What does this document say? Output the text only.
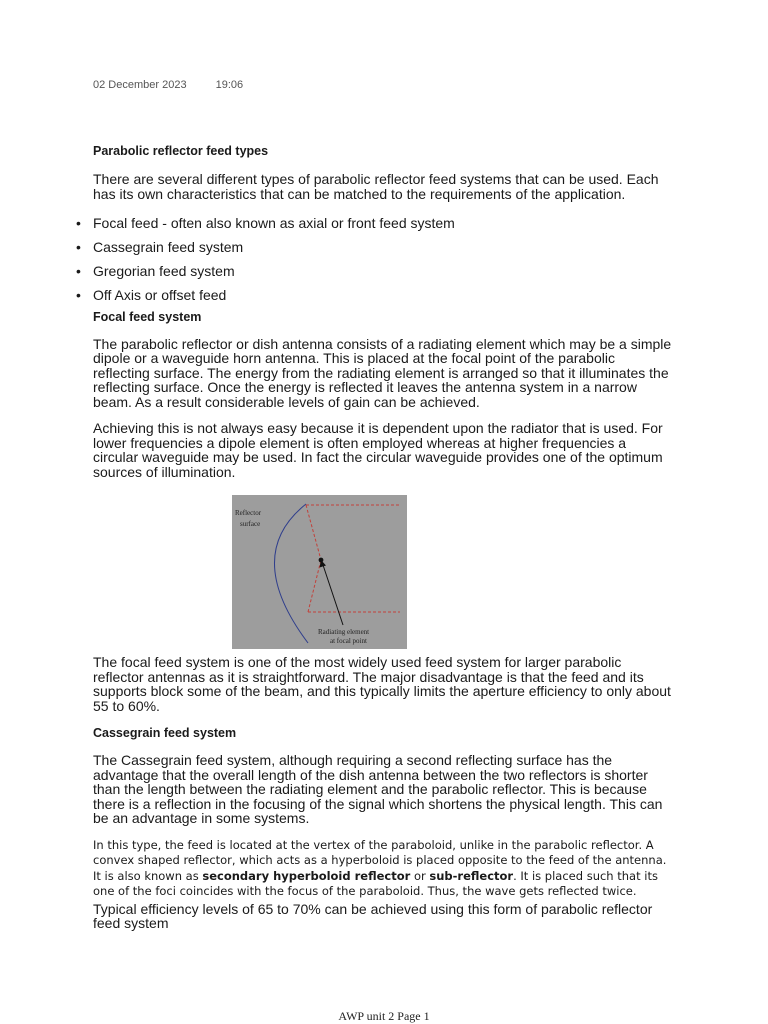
02 December 2023	19:06
Parabolic reflector feed types

There are several different types of parabolic reflector feed systems that can be used. Each has its own characteristics that can be matched to the requirements of the application.

• Focal feed - often also known as axial or front feed system
• Cassegrain feed system
• Gregorian feed system
• Off Axis or offset feed
Focal feed system

The parabolic reflector or dish antenna consists of a radiating element which may be a simple dipole or a waveguide horn antenna. This is placed at the focal point of the parabolic reflecting surface. The energy from the radiating element is arranged so that it illuminates the reflecting surface. Once the energy is reflected it leaves the antenna system in a narrow beam. As a result considerable levels of gain can be achieved.

Achieving this is not always easy because it is dependent upon the radiator that is used. For lower frequencies a dipole element is often employed whereas at higher frequencies a circular waveguide may be used. In fact the circular waveguide provides one of the optimum sources of illumination.

The focal feed system is one of the most widely used feed system for larger parabolic reflector antennas as it is straightforward. The major disadvantage is that the feed and its supports block some of the beam, and this typically limits the aperture efficiency to only about 55 to 60%.

Cassegrain feed system

The Cassegrain feed system, although requiring a second reflecting surface has the advantage that the overall length of the dish antenna between the two reflectors is shorter than the length between the radiating element and the parabolic reflector. This is because there is a reflection in the focusing of the signal which shortens the physical length. This can be an advantage in some systems.

In this type, the feed is located at the vertex of the paraboloid, unlike in the parabolic reflector. A convex shaped reflector, which acts as a hyperboloid is placed opposite to the feed of the antenna. It is also known as secondary hyperboloid reflector or sub-reflector. It is placed such that its one of the foci coincides with the focus of the paraboloid. Thus, the wave gets reflected twice.

Typical efficiency levels of 65 to 70% can be achieved using this form of parabolic reflector feed system

Reflector
surface
Radiating element
at focal point
AWP unit 2 Page 1
